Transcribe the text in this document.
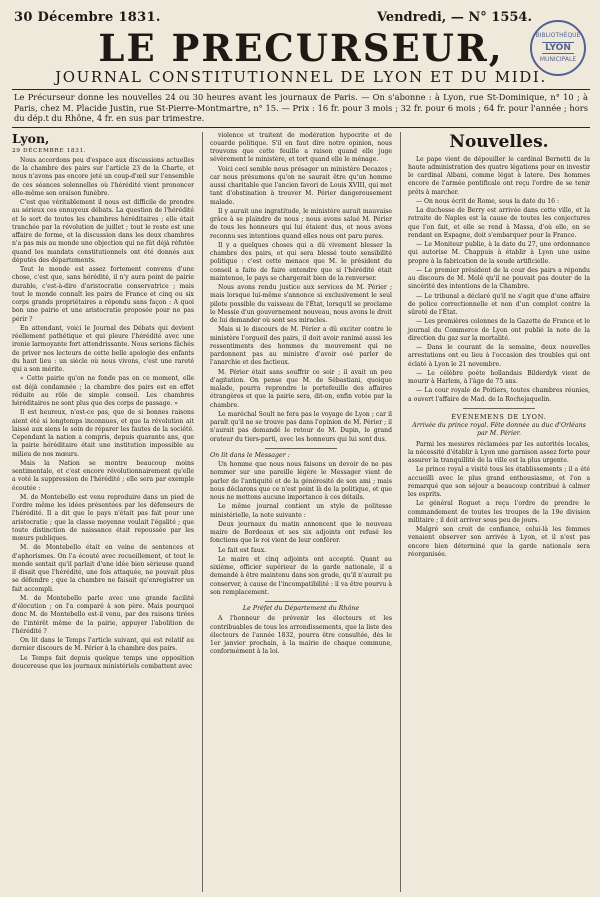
30 Décembre 1831.	Vendredi, — N° 1554.
BIBLIOTHÈQUE
LYON
MUNICIPALE
LE PRECURSEUR,
JOURNAL CONSTITUTIONNEL DE LYON ET DU MIDI.
Le Précurseur donne les nouvelles 24 ou 30 heures avant les journaux de Paris. — On s'abonne : à Lyon, rue St-Dominique, n° 10 ; à Paris, chez M. Placide Justin, rue St-Pierre-Montmartre, n° 15. — Prix : 16 fr. pour 3 mois ; 32 fr. pour 6 mois ; 64 fr. pour l'année ; hors du dép.t du Rhône, 4 fr. en sus par trimestre.
Lyon,
29 DÉCEMBRE 1831.

Nous accordons peu d'espace aux discussions actuelles de la chambre des pairs sur l'article 23 de la Charte, et nous n'avons pas encore jeté un coup-d'œil sur l'ensemble de ces séances solennelles où l'hérédité vient prononcer elle-même son oraison funèbre.

C'est que véritablement il nous est difficile de prendre au sérieux ces ennuyeux débats. La question de l'hérédité et le sort de toutes les chambres héréditaires ; elle était tranchée par la révolution de juillet ; tout le reste est une affaire de forme, et la discussion dans les deux chambres n'a pas mis au monde une objection qui ne fût déjà réfutée quand les mandats constitutionnels ont été donnés aux députés des départements.

Tout le monde est assez fortement convenu d'une chose, c'est que, sans hérédité, il n'y aura point de pairie durable, c'est-à-dire d'aristocratie conservatrice ; mais tout le monde connaît les pairs de France et cinq ou six corps grands propriétaires a répondu sans façon : A quoi bon une pairie et une aristocratie proposée pour ne pas périr ?

En attendant, voici le Journal des Débats qui devient réellement pathétique et qui pleure l'hérédité avec une ironie larmoyante fort attendrissante. Nous serions fâchés de priver nos lecteurs de cette belle apologie des enfants du haut lieu : un siècle où nous vivons, c'est une rareté qui a son mérite.

« Cette pairie qu'on ne fonde pas en ce moment, elle est déjà condamnée ; la chambre des pairs est en effet réduite au rôle de simple conseil. Les chambres héréditaires ne sont plus que des corps de passage. »

Il est heureux, n'est-ce pas, que de si bonnes raisons aient été si longtemps inconnues, et que la révolution ait laissé aux siens le soin de réparer les fautes de la société. Cependant la nation a compris, depuis quarante ans, que la pairie héréditaire était une institution impossible au milieu de nos mœurs.

Mais la Nation se montre beaucoup moins sentimentale, et c'est encore révolutionnairement qu'elle a voté la suppression de l'hérédité ; elle sera par exemple écoutée :

M. de Montebello est venu reproduire dans un pied de l'ordre même les idées présentées par les défenseurs de l'hérédité. Il a dit que le pays n'était pas fait pour une aristocratie ; que la classe moyenne voulait l'égalité ; que toute distinction de naissance était repoussée par les mœurs publiques.

M. de Montebello était en veine de sentences et d'aphorismes. On l'a écouté avec recueillement, et tout le monde sentait qu'il parlait d'une idée bien sérieuse quand il disait que l'hérédité, une fois attaquée, ne pouvait plus se défendre ; que la chambre ne faisait qu'enregistrer un fait accompli.

M. de Montebello parle avec une grande facilité d'élocution ; on l'a comparé à son père. Mais pourquoi donc M. de Montebello est-il venu, par des raisons tirées de l'intérêt même de la pairie, appuyer l'abolition de l'hérédité ?

On lit dans le Temps l'article suivant, qui est relatif au dernier discours de M. Périer à la chambre des pairs.

Le Temps fait depuis quelque temps une opposition doucereuse que les journaux ministériels combattent avec

violence et traitent de modération hypocrite et de couarde politique. S'il en faut dire notre opinion, nous trouvons que cette feuille a raison quand elle juge sévèrement le ministère, et tort quand elle le ménage.

Voici ceci semble nous présager un ministère Decazes ; car nous présumons qu'on ne saurait être qu'un homme aussi charitable que l'ancien favori de Louis XVIII, qui met tant d'obstination à trouver M. Périer dangereusement malade.

Il y aurait une ingratitude, le ministère aurait mauvaise grâce à se plaindre de nous ; nous avons salué M. Périer de tous les honneurs qui lui étaient dus, et nous avons reconnu ses intentions quand elles nous ont paru pures.

Il y a quelques choses qui a dû vivement blesser la chambre des pairs, et qui sera blessé toute sensibilité politique : c'est cette menace que M. le président du conseil a faite de faire entendre que si l'hérédité était maintenue, le pays se chargerait bien de la renverser.

Nous avons rendu justice aux services de M. Périer ; mais lorsque lui-même s'annonce si exclusivement le seul pilote possible du vaisseau de l'État, lorsqu'il se proclame le Messie d'un gouvernement nouveau, nous avons le droit de lui demander où sont ses miracles.

Mais si le discours de M. Périer a dû exciter contre le ministère l'orgueil des pairs, il doit avoir ranimé aussi les ressentiments des hommes du mouvement qui ne pardonnent pas au ministre d'avoir osé parler de l'anarchie et des factieux.

M. Périer était sans souffrir ce soir ; il avait un peu d'agitation. On pense que M. de Sébastiani, quoique malade, pourra reprendre le portefeuille des affaires étrangères et que la pairie sera, dit-on, enfin votée par la chambre.

Le maréchal Soult ne fera pas le voyage de Lyon ; car il paraît qu'il ne se trouve pas dans l'opinion de M. Périer ; il n'aurait pas demandé le retour de M. Dupin, le grand orateur du tiers-parti, avec les honneurs qui lui sont dus.

On lit dans le Messager :

Un homme que nous nous faisons un devoir de ne pas nommer sur une pareille légère le Messager vient de parler de l'antiquité et de la générosité de son ami ; mais nous déclarons que ce n'est point là de la politique, et que nous ne mettons aucune importance à ces détails.

Le même journal contient un style de politesse ministérielle, la note suivante :

Deux journaux du matin annoncent que le nouveau maire de Bordeaux et ses six adjoints ont refusé les fonctions que le roi vient de leur conférer.

Le fait est faux.

Le maire et cinq adjoints ont accepté. Quant au sixième, officier supérieur de la garde nationale, il a demandé à être maintenu dans son grade, qu'il n'aurait pu conserver, à cause de l'incompatibilité : il va être pourvu à son remplacement.

Le Préfet du Département du Rhône

A l'honneur de prévenir les électeurs et les contribuables de tous les arrondissements, que la liste des électeurs de l'année 1832, pourra être consultée, dès le 1er janvier prochain, à la mairie de chaque commune, conformément à la loi.

Nouvelles.

Le pape vient de dépouiller le cardinal Bernetti de la haute administration des quatre légations pour en investir le cardinal Albani, comme légat à latere. Des hommes encore de l'armée pontificale ont reçu l'ordre de se tenir prêts à marcher.

— On nous écrit de Rome, sous la date du 16 :

La duchesse de Berry est arrivée dans cette ville, et la retraite de Naples est la cause de toutes les conjectures que l'on fait, et elle se rend à Massa, d'où elle, en se rendant en Espagne, doit s'embarquer pour la France.

— Le Moniteur publie, à la date du 27, une ordonnance qui autorise M. Chappuis à établir à Lyon une usine propre à la fabrication de la soude artificielle.

— Le premier président de la cour des pairs a répondu au discours de M. Molé qu'il ne pouvait pas douter de la sincérité des intentions de la Chambre.

— Le tribunal a déclaré qu'il ne s'agit que d'une affaire de police correctionnelle et non d'un complot contre la sûreté de l'État.

— Les premières colonnes de la Gazette de France et le journal du Commerce de Lyon ont publié la note de la direction du gaz sur la mortalité.

— Dans le courant de la semaine, deux nouvelles arrestations ont eu lieu à l'occasion des troubles qui ont éclaté à Lyon le 21 novembre.

— Le célèbre poète hollandais Bilderdyk vient de mourir à Harlem, à l'âge de 75 ans.

— La cour royale de Poitiers, toutes chambres réunies, a ouvert l'affaire de Mad. de la Rochejaquelin.

ÉVÉNEMENS DE LYON.
Arrivée du prince royal. Fête donnée au duc d'Orléans par M. Périer.

Parmi les mesures réclamées par les autorités locales, la nécessité d'établir à Lyon une garnison assez forte pour assurer la tranquillité de la ville est la plus urgente.

Le prince royal a visité tous les établissements ; il a été accueilli avec le plus grand enthousiasme, et l'on a remarqué que son séjour a beaucoup contribué à calmer les esprits.

Le général Roguet a reçu l'ordre de prendre le commandement de toutes les troupes de la 19e division militaire ; il doit arriver sous peu de jours.

Malgré son croit de confiance, celui-là les femmes venaient observer son arrivée à Lyon, et il n'est pas encore bien déterminé que la garde nationale sera réorganisée.
